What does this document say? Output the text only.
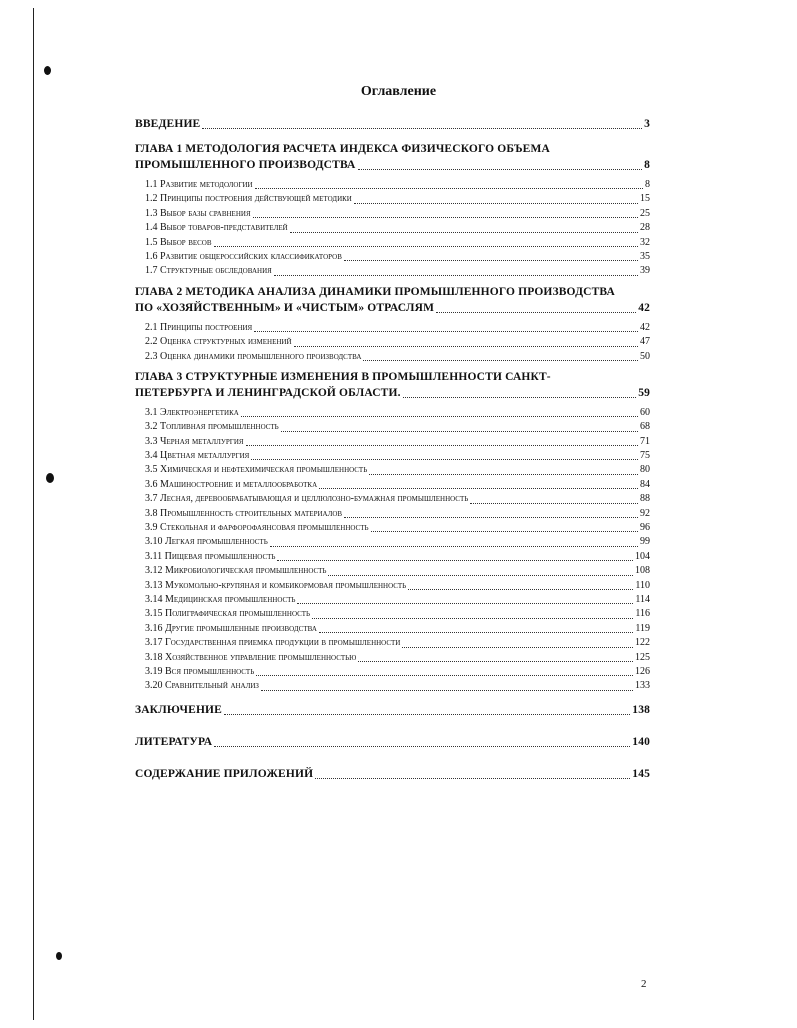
Оглавление
ВВЕДЕНИЕ	3
ГЛАВА 1 МЕТОДОЛОГИЯ РАСЧЕТА ИНДЕКСА ФИЗИЧЕСКОГО ОБЪЕМА
ПРОМЫШЛЕННОГО ПРОИЗВОДСТВА	8
1.1 Развитие методологии	8
1.2 Принципы построения действующей методики	15
1.3 Выбор базы сравнения	25
1.4 Выбор товаров-представителей	28
1.5 Выбор весов	32
1.6 Развитие общероссийских классификаторов	35
1.7 Структурные обследования	39
ГЛАВА 2 МЕТОДИКА АНАЛИЗА ДИНАМИКИ ПРОМЫШЛЕННОГО ПРОИЗВОДСТВА
ПО «ХОЗЯЙСТВЕННЫМ» И «ЧИСТЫМ» ОТРАСЛЯМ	42
2.1 Принципы построения	42
2.2 Оценка структурных изменений	47
2.3 Оценка динамики промышленного производства	50
ГЛАВА 3 СТРУКТУРНЫЕ ИЗМЕНЕНИЯ В ПРОМЫШЛЕННОСТИ САНКТ-
ПЕТЕРБУРГА И ЛЕНИНГРАДСКОЙ ОБЛАСТИ.	59
3.1 Электроэнергетика	60
3.2 Топливная промышленность	68
3.3 Черная металлургия	71
3.4 Цветная металлургия	75
3.5 Химическая и нефтехимическая промышленность	80
3.6 Машиностроение и металлообработка	84
3.7 Лесная, деревообрабатывающая и целлюлозно-бумажная промышленность	88
3.8 Промышленность строительных материалов	92
3.9 Стекольная и фарфорофаянсовая промышленность	96
3.10 Легкая промышленность	99
3.11 Пищевая промышленность	104
3.12 Микробиологическая промышленность	108
3.13 Мукомольно-крупяная и комбикормовая промышленность	110
3.14 Медицинская промышленность	114
3.15 Полиграфическая промышленность	116
3.16 Другие промышленные производства	119
3.17 Государственная приемка продукции в промышленности	122
3.18 Хозяйственное управление промышленностью	125
3.19 Вся промышленность	126
3.20 Сравнительный анализ	133
ЗАКЛЮЧЕНИЕ	138
ЛИТЕРАТУРА	140
СОДЕРЖАНИЕ ПРИЛОЖЕНИЙ	145
2
